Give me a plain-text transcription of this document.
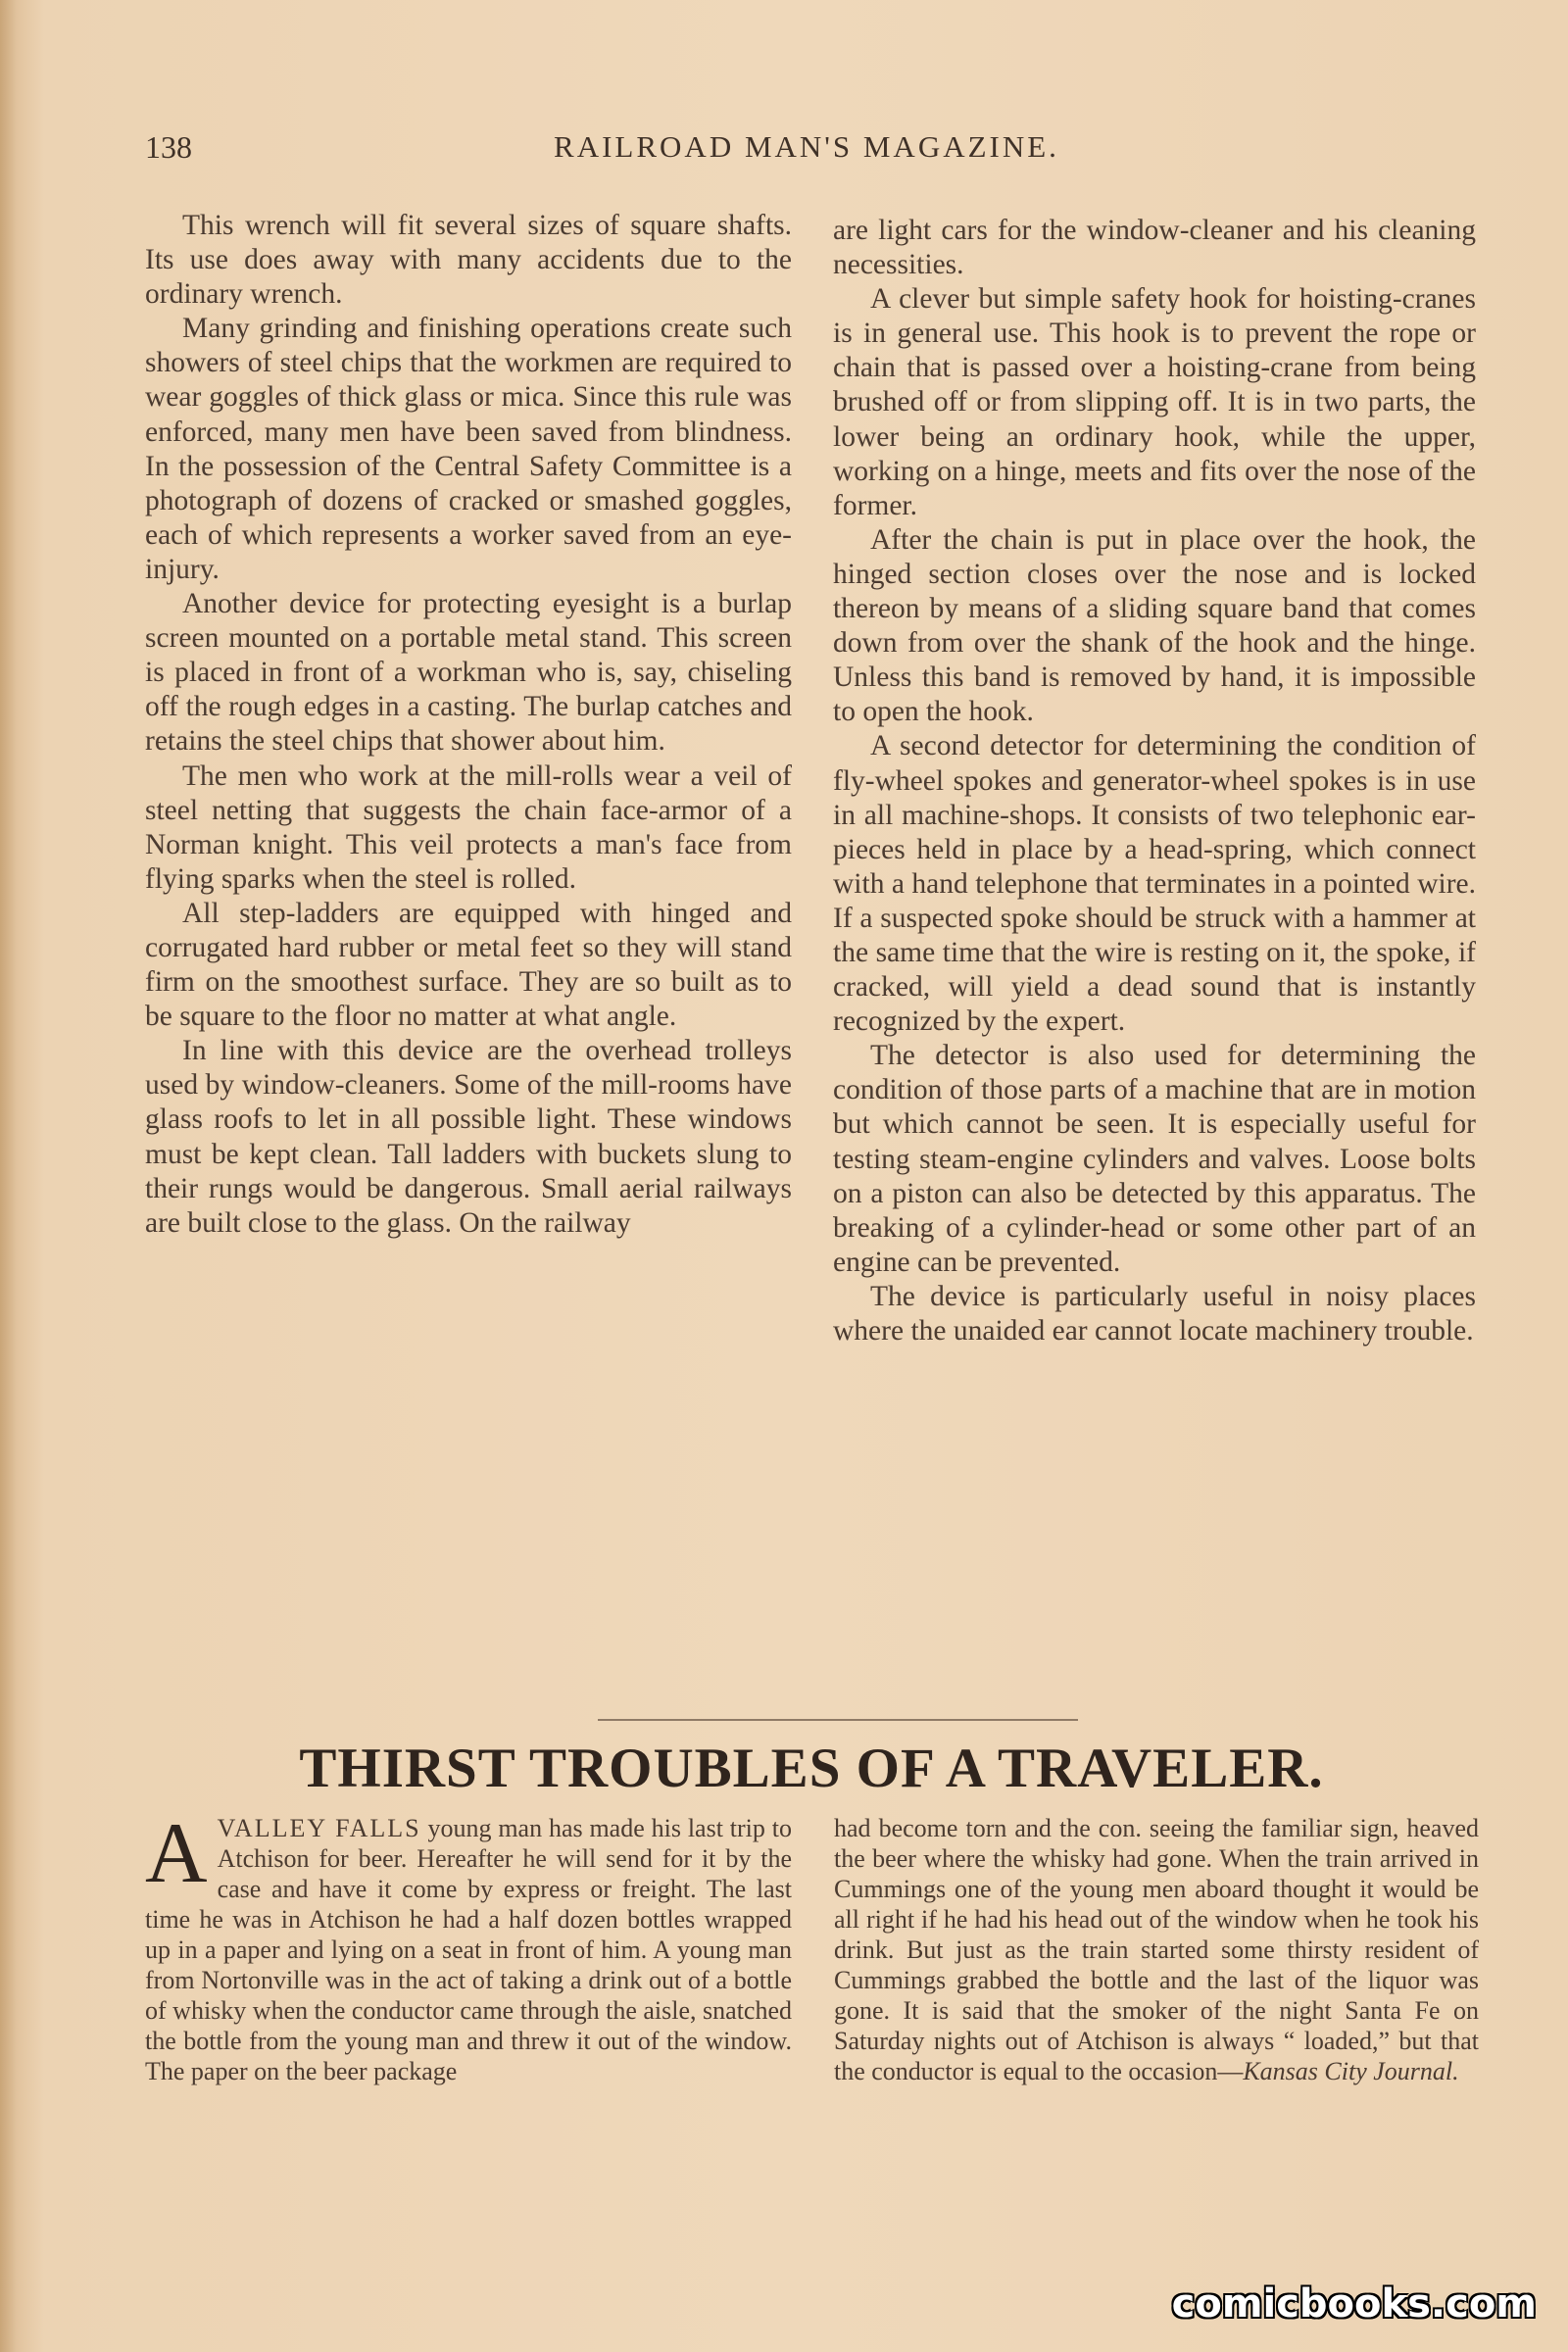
138	RAILROAD MAN'S MAGAZINE.

This wrench will fit several sizes of square shafts. Its use does away with many accidents due to the ordinary wrench.

Many grinding and finishing operations create such showers of steel chips that the workmen are required to wear goggles of thick glass or mica. Since this rule was enforced, many men have been saved from blindness. In the possession of the Central Safety Committee is a photograph of dozens of cracked or smashed goggles, each of which represents a worker saved from an eye-injury.

Another device for protecting eyesight is a burlap screen mounted on a portable metal stand. This screen is placed in front of a workman who is, say, chiseling off the rough edges in a casting. The burlap catches and retains the steel chips that shower about him.

The men who work at the mill-rolls wear a veil of steel netting that suggests the chain face-armor of a Norman knight. This veil protects a man's face from flying sparks when the steel is rolled.

All step-ladders are equipped with hinged and corrugated hard rubber or metal feet so they will stand firm on the smoothest surface. They are so built as to be square to the floor no matter at what angle.

In line with this device are the overhead trolleys used by window-cleaners. Some of the mill-rooms have glass roofs to let in all possible light. These windows must be kept clean. Tall ladders with buckets slung to their rungs would be dangerous. Small aerial railways are built close to the glass. On the railway

are light cars for the window-cleaner and his cleaning necessities.

A clever but simple safety hook for hoisting-cranes is in general use. This hook is to prevent the rope or chain that is passed over a hoisting-crane from being brushed off or from slipping off. It is in two parts, the lower being an ordinary hook, while the upper, working on a hinge, meets and fits over the nose of the former.

After the chain is put in place over the hook, the hinged section closes over the nose and is locked thereon by means of a sliding square band that comes down from over the shank of the hook and the hinge. Unless this band is removed by hand, it is impossible to open the hook.

A second detector for determining the condition of fly-wheel spokes and generator-wheel spokes is in use in all machine-shops. It consists of two telephonic ear-pieces held in place by a head-spring, which connect with a hand telephone that terminates in a pointed wire. If a suspected spoke should be struck with a hammer at the same time that the wire is resting on it, the spoke, if cracked, will yield a dead sound that is instantly recognized by the expert.

The detector is also used for determining the condition of those parts of a machine that are in motion but which cannot be seen. It is especially useful for testing steam-engine cylinders and valves. Loose bolts on a piston can also be detected by this apparatus. The breaking of a cylinder-head or some other part of an engine can be prevented.

The device is particularly useful in noisy places where the unaided ear cannot locate machinery trouble.

THIRST TROUBLES OF A TRAVELER.

AVALLEY FALLS young man has made his last trip to Atchison for beer. Hereafter he will send for it by the case and have it come by express or freight. The last time he was in Atchison he had a half dozen bottles wrapped up in a paper and lying on a seat in front of him. A young man from Nortonville was in the act of taking a drink out of a bottle of whisky when the conductor came through the aisle, snatched the bottle from the young man and threw it out of the window. The paper on the beer package

had become torn and the con. seeing the familiar sign, heaved the beer where the whisky had gone. When the train arrived in Cummings one of the young men aboard thought it would be all right if he had his head out of the window when he took his drink. But just as the train started some thirsty resident of Cummings grabbed the bottle and the last of the liquor was gone. It is said that the smoker of the night Santa Fe on Saturday nights out of Atchison is always “ loaded,” but that the conductor is equal to the occasion—Kansas City Journal.

comicbooks.com
